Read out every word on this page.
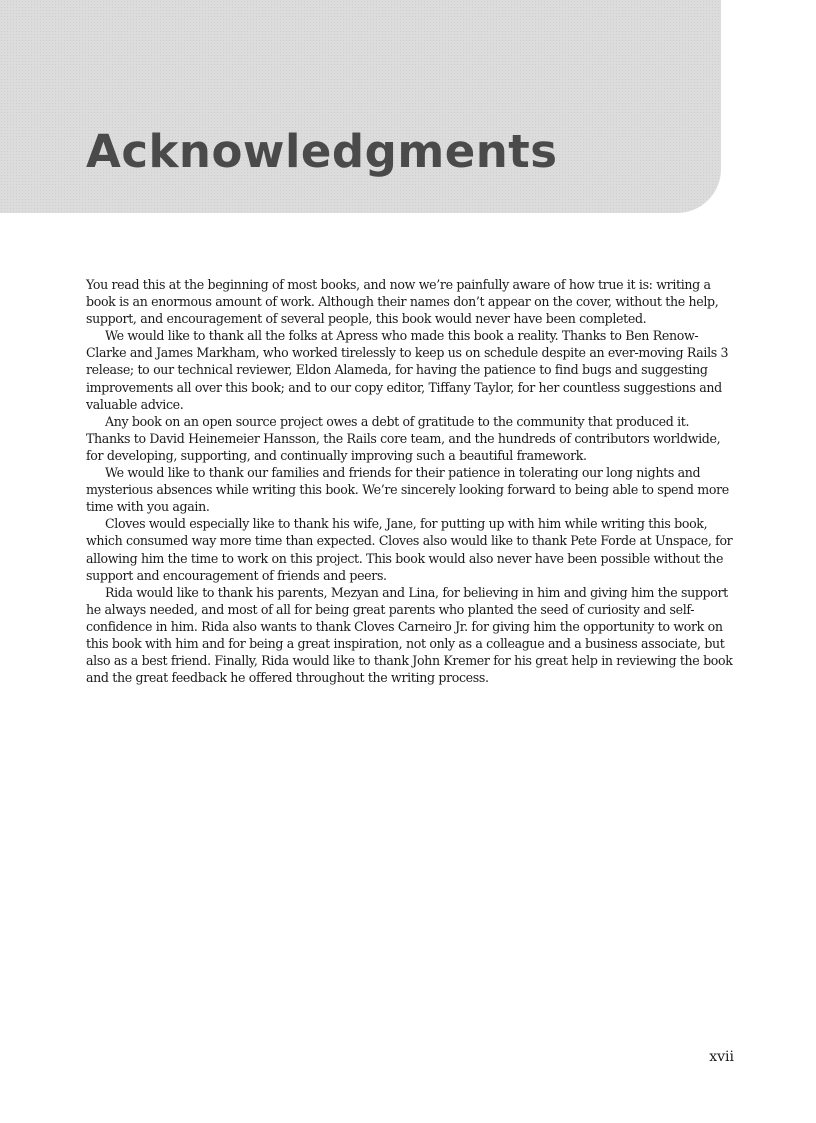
Acknowledgments

You read this at the beginning of most books, and now we’re painfully aware of how true it is: writing a book is an enormous amount of work. Although their names don’t appear on the cover, without the help, support, and encouragement of several people, this book would never have been completed.

We would like to thank all the folks at Apress who made this book a reality. Thanks to Ben Renow-Clarke and James Markham, who worked tirelessly to keep us on schedule despite an ever-moving Rails 3 release; to our technical reviewer, Eldon Alameda, for having the patience to find bugs and suggesting improvements all over this book; and to our copy editor, Tiffany Taylor, for her countless suggestions and valuable advice.

Any book on an open source project owes a debt of gratitude to the community that produced it. Thanks to David Heinemeier Hansson, the Rails core team, and the hundreds of contributors worldwide, for developing, supporting, and continually improving such a beautiful framework.

We would like to thank our families and friends for their patience in tolerating our long nights and mysterious absences while writing this book. We’re sincerely looking forward to being able to spend more time with you again.

Cloves would especially like to thank his wife, Jane, for putting up with him while writing this book, which consumed way more time than expected. Cloves also would like to thank Pete Forde at Unspace, for allowing him the time to work on this project. This book would also never have been possible without the support and encouragement of friends and peers.

Rida would like to thank his parents, Mezyan and Lina, for believing in him and giving him the support he always needed, and most of all for being great parents who planted the seed of curiosity and self-confidence in him. Rida also wants to thank Cloves Carneiro Jr. for giving him the opportunity to work on this book with him and for being a great inspiration, not only as a colleague and a business associate, but also as a best friend. Finally, Rida would like to thank John Kremer for his great help in reviewing the book and the great feedback he offered throughout the writing process.

xvii
